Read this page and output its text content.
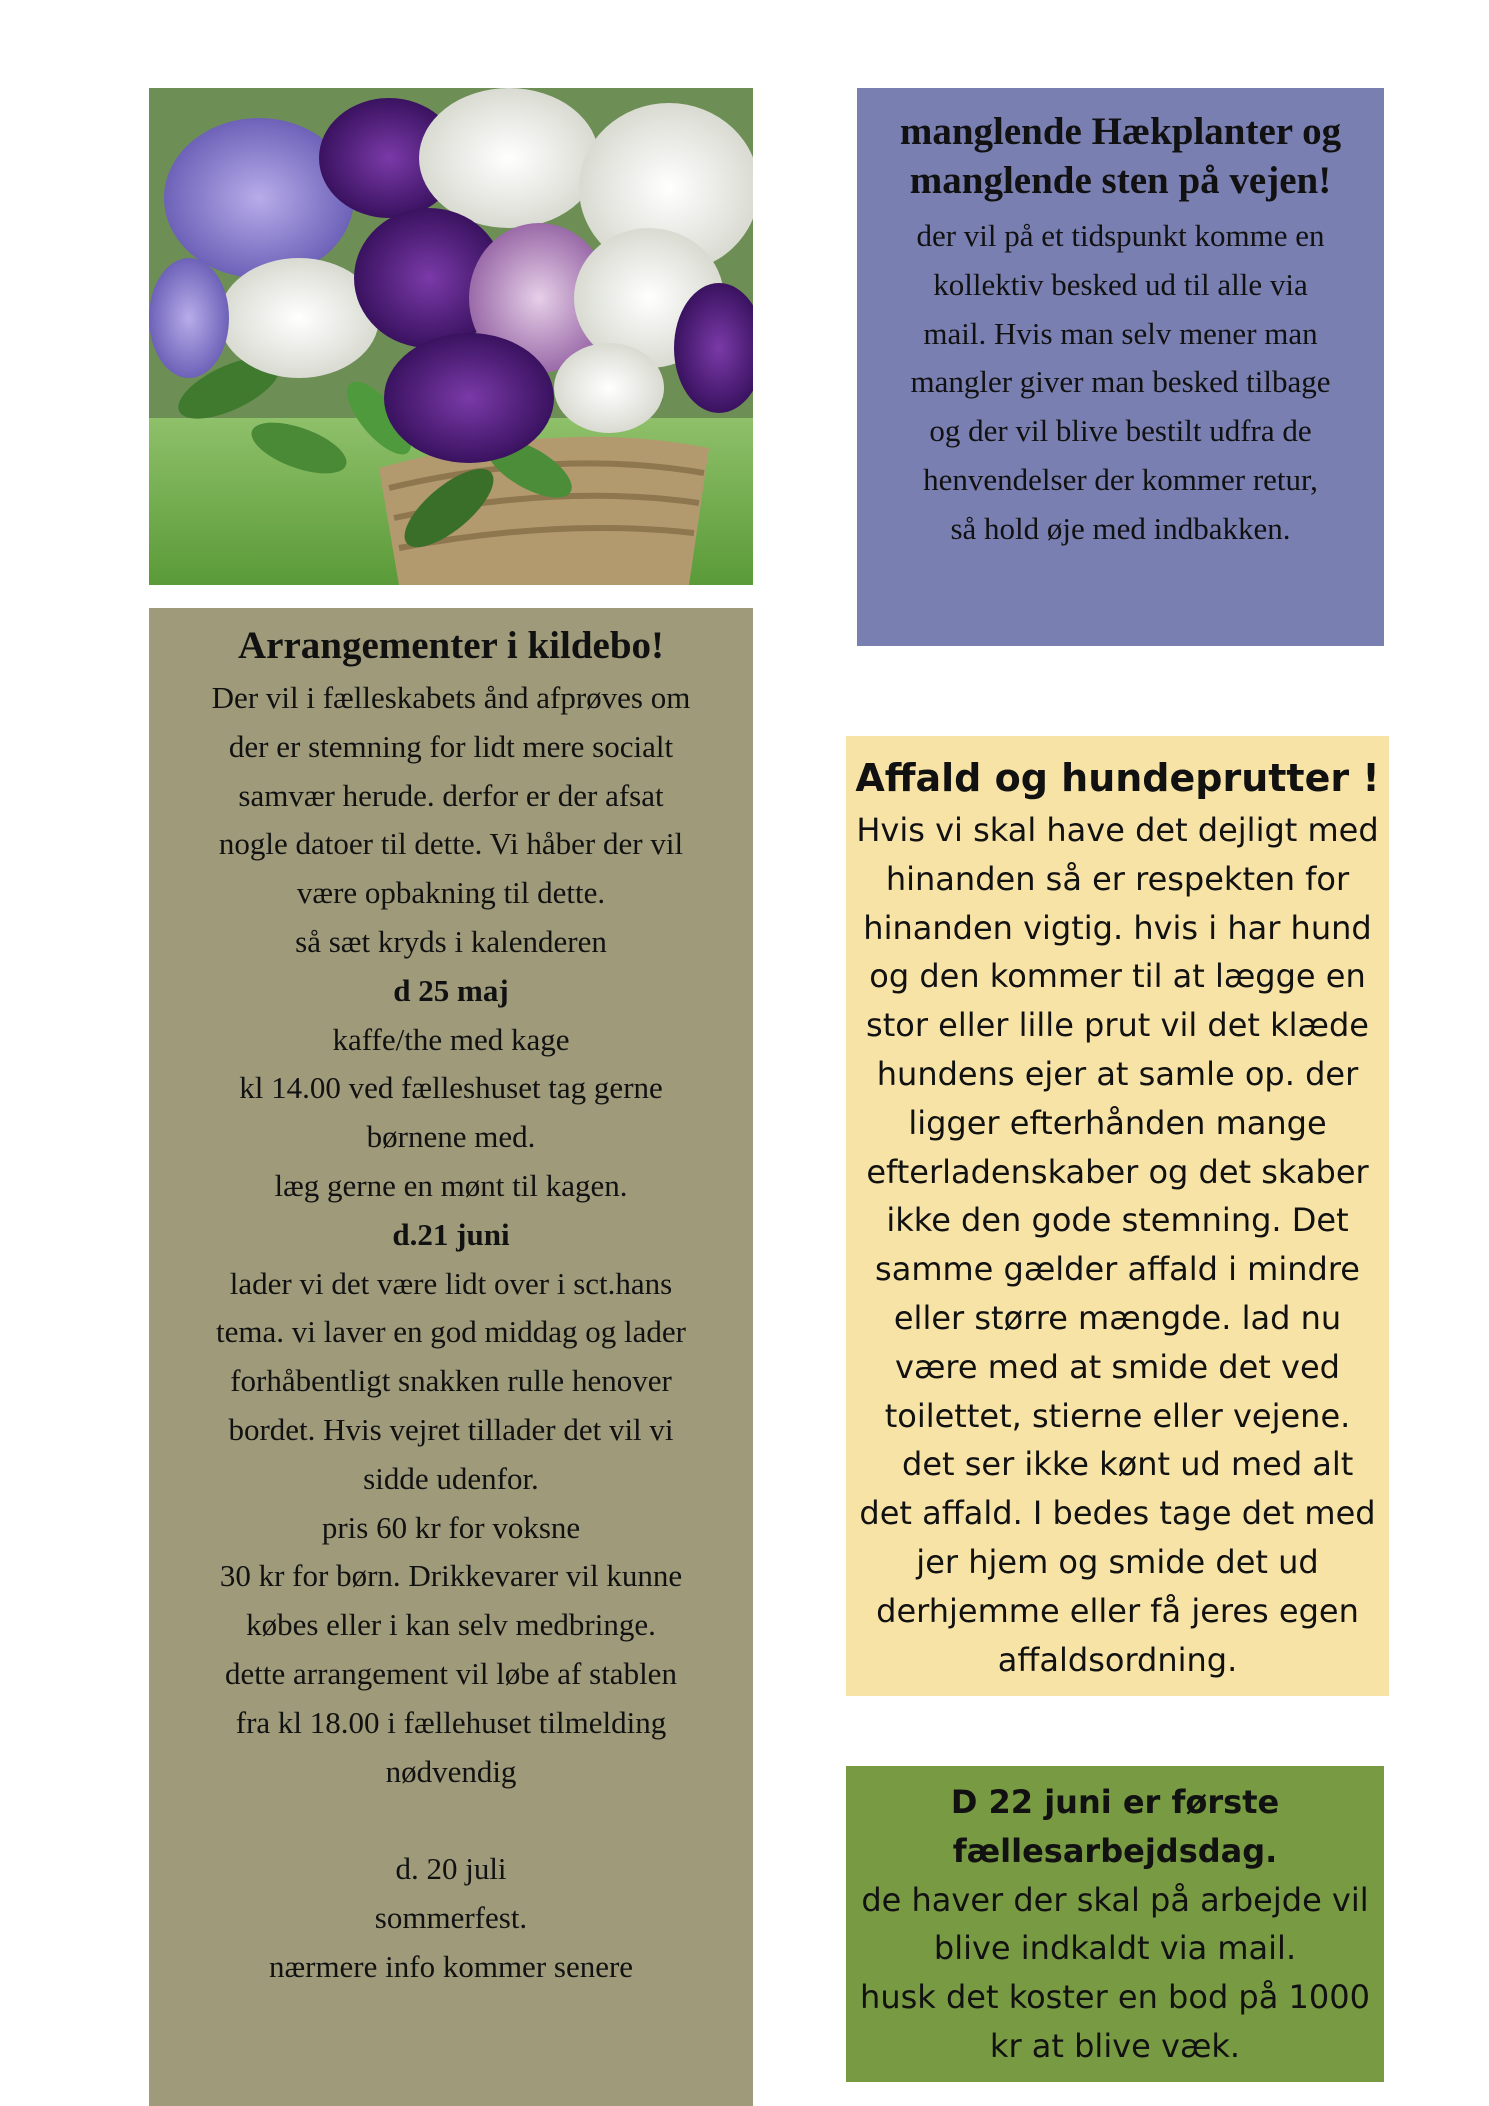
Arrangementer i kildebo!
Der vil i fælleskabets ånd afprøves om
der er stemning for lidt mere socialt
samvær herude. derfor er der afsat
nogle datoer til dette. Vi håber der vil
være opbakning til dette.
så sæt kryds i kalenderen
d 25 maj
kaffe/the med kage
kl 14.00 ved fælleshuset tag gerne
børnene med.
læg gerne en mønt til kagen.
d.21 juni
lader vi det være lidt over i sct.hans
tema. vi laver en god middag og lader
forhåbentligt snakken rulle henover
bordet. Hvis vejret tillader det vil vi
sidde udenfor.
pris 60 kr for voksne
30 kr for børn. Drikkevarer vil kunne
købes eller i kan selv medbringe.
dette arrangement vil løbe af stablen
fra kl 18.00 i fællehuset tilmelding
nødvendig

d. 20 juli
sommerfest.
nærmere info kommer senere
manglende Hækplanter og
manglende sten på vejen!
der vil på et tidspunkt komme en
kollektiv besked ud til alle via
mail. Hvis man selv mener man
mangler giver man besked tilbage
og der vil blive bestilt udfra de
henvendelser der kommer retur,
så hold øje med indbakken.
Affald og hundeprutter !
Hvis vi skal have det dejligt med
hinanden så er respekten for
hinanden vigtig. hvis i har hund
og den kommer til at lægge en
stor eller lille prut vil det klæde
hundens ejer at samle op. der
ligger efterhånden mange
efterladenskaber og det skaber
ikke den gode stemning. Det
samme gælder affald i mindre
eller større mængde. lad nu
være med at smide det ved
toilettet, stierne eller vejene.
det ser ikke kønt ud med alt
det affald. I bedes tage det med
jer hjem og smide det ud
derhjemme eller få jeres egen
affaldsordning.
D 22 juni er første
fællesarbejdsdag.
de haver der skal på arbejde vil
blive indkaldt via mail.
husk det koster en bod på 1000
kr at blive væk.
